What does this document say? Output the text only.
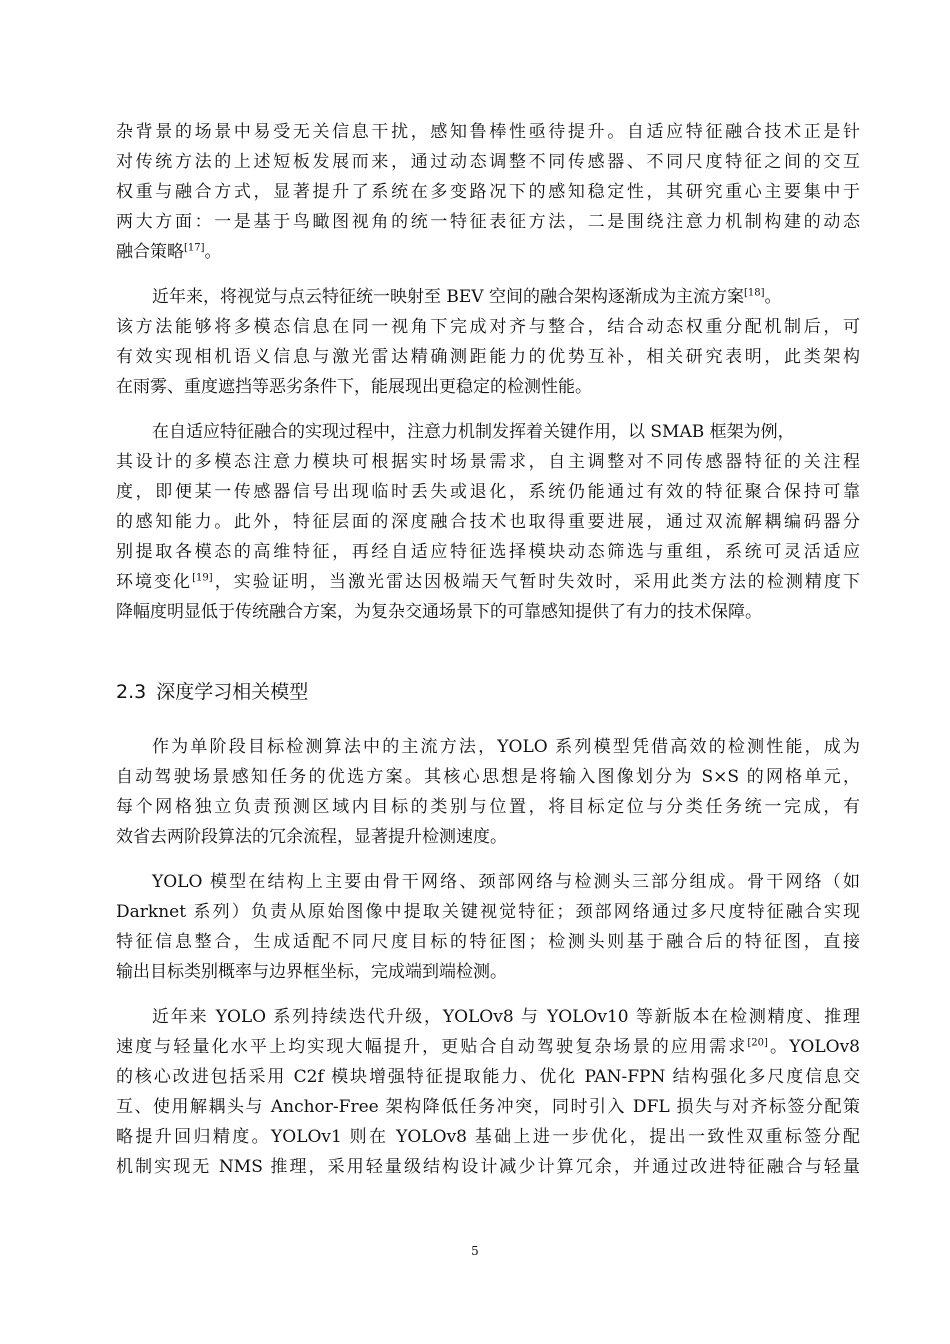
杂背景的场景中易受无关信息干扰，感知鲁棒性亟待提升。自适应特征融合技术正是针
对传统方法的上述短板发展而来，通过动态调整不同传感器、不同尺度特征之间的交互
权重与融合方式，显著提升了系统在多变路况下的感知稳定性，其研究重心主要集中于
两大方面：一是基于鸟瞰图视角的统一特征表征方法，二是围绕注意力机制构建的动态
融合策略[17]。
近年来，将视觉与点云特征统一映射至 BEV 空间的融合架构逐渐成为主流方案[18]。
该方法能够将多模态信息在同一视角下完成对齐与整合，结合动态权重分配机制后，可
有效实现相机语义信息与激光雷达精确测距能力的优势互补，相关研究表明，此类架构
在雨雾、重度遮挡等恶劣条件下，能展现出更稳定的检测性能。
在自适应特征融合的实现过程中，注意力机制发挥着关键作用，以 SMAB 框架为例，
其设计的多模态注意力模块可根据实时场景需求，自主调整对不同传感器特征的关注程
度，即便某一传感器信号出现临时丢失或退化，系统仍能通过有效的特征聚合保持可靠
的感知能力。此外，特征层面的深度融合技术也取得重要进展，通过双流解耦编码器分
别提取各模态的高维特征，再经自适应特征选择模块动态筛选与重组，系统可灵活适应
环境变化[19]，实验证明，当激光雷达因极端天气暂时失效时，采用此类方法的检测精度下
降幅度明显低于传统融合方案，为复杂交通场景下的可靠感知提供了有力的技术保障。
作为单阶段目标检测算法中的主流方法，YOLO 系列模型凭借高效的检测性能，成为
自动驾驶场景感知任务的优选方案。其核心思想是将输入图像划分为 S×S 的网格单元，
每个网格独立负责预测区域内目标的类别与位置，将目标定位与分类任务统一完成，有
效省去两阶段算法的冗余流程，显著提升检测速度。
YOLO 模型在结构上主要由骨干网络、颈部网络与检测头三部分组成。骨干网络（如
Darknet 系列）负责从原始图像中提取关键视觉特征；颈部网络通过多尺度特征融合实现
特征信息整合，生成适配不同尺度目标的特征图；检测头则基于融合后的特征图，直接
输出目标类别概率与边界框坐标，完成端到端检测。
近年来 YOLO 系列持续迭代升级，YOLOv8 与 YOLOv10 等新版本在检测精度、推理
速度与轻量化水平上均实现大幅提升，更贴合自动驾驶复杂场景的应用需求[20]。YOLOv8
的核心改进包括采用 C2f 模块增强特征提取能力、优化 PAN-FPN 结构强化多尺度信息交
互、使用解耦头与 Anchor-Free 架构降低任务冲突，同时引入 DFL 损失与对齐标签分配策
略提升回归精度。YOLOv1 则在 YOLOv8 基础上进一步优化，提出一致性双重标签分配
机制实现无 NMS 推理，采用轻量级结构设计减少计算冗余，并通过改进特征融合与轻量
2.3 深度学习相关模型
5
